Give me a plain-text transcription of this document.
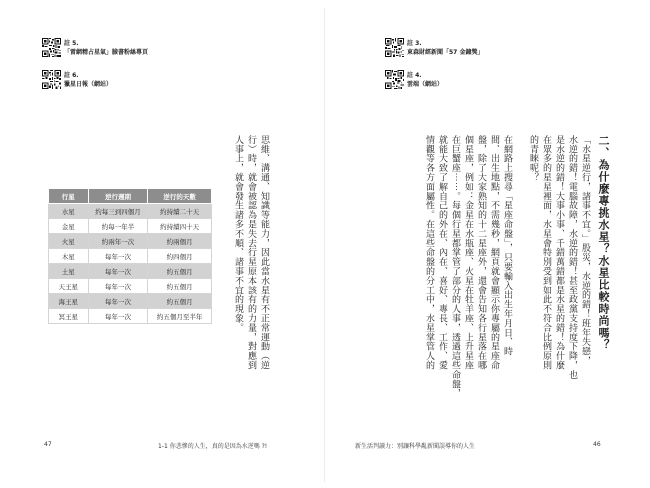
註 5.
「雷網精占星氣」臉書粉絲專頁
註 6.
獵星日報（網站）
思維、溝通、知識等能力，因此當水星有不正常運動（逆
行）時，就會被認為是失去行星原本該有的力量，對應到
人事上，就會發生諸多不順、諸事不宜的現象。
行星	逆行週期	逆行的天數
水星	約每三到四個月	約持續二十天
金星	約每一年半	約持續四十天
火星	約兩年一次	約兩個月
木星	每年一次	約四個月
土星	每年一次	約五個月
天王星	每年一次	約五個月
海王星	每年一次	約五個月
冥王星	每年一次	約五個月至半年
47	1-1 你悲慘的人生，真的是因為水逆嗎 ?!
註 3.
東森財經新聞「57 金鐘獎」
註 4.
雲端（網站）
二、為什麼專挑水星？水星比較時尚嗎？
「水星逆行，諸事不宜。」股災，水逆的錯！班年失戀，
水逆的錯！電腦故障，水逆的錯！甚至政黨支持度下降，也
是水逆的錯！大事小事、千錯萬錯都是水星的錯！為什麼
在眾多的星星裡面，水星會特別受到如此不符合比例原則
的青睞呢？
在網路上搜尋「星座命盤」，只要輸入出生年月日、時
間、出生地點，不需幾秒，網頁就會顯示你專屬的星座命
盤，除了大家熟知的十二星座外，還會告知各行星落在哪
個星座，例如：金星在水瓶座、火星在牡羊座、上升星座
在巨蟹座⋯⋯。每個行星都掌管了部分的人事，透過這些命盤，
就能大致了解自己的外在、內在、喜好、專長、工作、愛
情觀等各方面屬性。在這些命盤的分工中，水星掌管人的
新生活判讀力：別讓科學亂新聞誤導你的人生	46
